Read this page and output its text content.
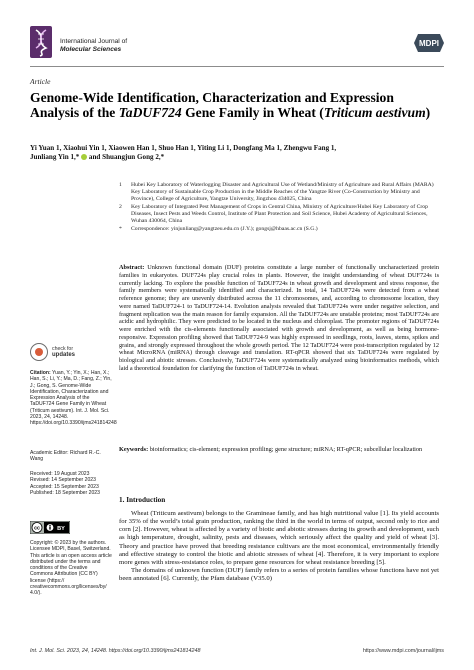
International Journal of
Molecular Sciences
MDPI
Article
Genome-Wide Identification, Characterization and Expression Analysis of the TaDUF724 Gene Family in Wheat (Triticum aestivum)
Yi Yuan 1, Xiaohui Yin 1, Xiaowen Han 1, Shuo Han 1, Yiting Li 1, Dongfang Ma 1, Zhengwu Fang 1,
Junliang Yin 1,*  and Shuangjun Gong 2,*
1 Hubei Key Laboratory of Waterlogging Disaster and Agricultural Use of Wetland/Ministry of Agriculture and Rural Affairs (MARA) Key Laboratory of Sustainable Crop Production in the Middle Reaches of the Yangtze River (Co-Construction by Ministry and Province), College of Agriculture, Yangtze University, Jingzhou 434025, China
2 Key Laboratory of Integrated Pest Management of Crops in Central China, Ministry of Agriculture/Hubei Key Laboratory of Crop Diseases, Insect Pests and Weeds Control, Institute of Plant Protection and Soil Science, Hubei Academy of Agricultural Sciences, Wuhan 430064, China
* Correspondence: yinjunliang@yangtzeu.edu.cn (J.Y.); gongsj@hbaas.ac.cn (S.G.)
Abstract: Unknown functional domain (DUF) proteins constitute a large number of functionally uncharacterized protein families in eukaryotes. DUF724s play crucial roles in plants. However, the insight understanding of wheat DUF724s is currently lacking. To explore the possible function of TaDUF724s in wheat growth and development and stress response, the family members were systematically identified and characterized. In total, 14 TaDUF724s were detected from a wheat reference genome; they are unevenly distributed across the 11 chromosomes, and, according to chromosome location, they were named TaDUF724-1 to TaDUF724-14. Evolution analysis revealed that TaDUF724s were under negative selection, and fragment replication was the main reason for family expansion. All the TaDUF724s are unstable proteins; most TaDUF724s are acidic and hydrophilic. They were predicted to be located in the nucleus and chloroplast. The promoter regions of TaDUF724s were enriched with the cis-elements functionally associated with growth and development, as well as being hormone-responsive. Expression profiling showed that TaDUF724-9 was highly expressed in seedlings, roots, leaves, stems, spikes and grains, and strongly expressed throughout the whole growth period. The 12 TaDUF724 were post-transcription regulated by 12 wheat MicroRNA (miRNA) through cleavage and translation. RT-qPCR showed that six TaDUF724s were regulated by biological and abiotic stresses. Conclusively, TaDUF724s were systematically analyzed using bioinformatics methods, which laid a theoretical foundation for clarifying the function of TaDUF724s in wheat.
Keywords: bioinformatics; cis-element; expression profiling; gene structure; miRNA; RT-qPCR; subcellular localization
1. Introduction

Wheat (Triticum aestivum) belongs to the Gramineae family, and has high nutritional value [1]. Its yield accounts for 35% of the world’s total grain production, ranking the third in the world in terms of output, second only to rice and corn [2]. However, wheat is affected by a variety of biotic and abiotic stresses during its growth and development, such as high temperature, drought, salinity, pests and diseases, which seriously affect the quality and yield of wheat [3]. Theory and practice have proved that breeding resistance cultivars are the most economical, environmentally friendly and effective strategy to control the biotic and abiotic stresses of wheat [4]. Therefore, it is very important to explore more genes with stress-resistance roles, to prepare gene resources for wheat resistance breeding [5].

The domains of unknown function (DUF) family refers to a series of protein families whose functions have not yet been annotated [6]. Currently, the Pfam database (V35.0)

check for
updates
Citation: Yuan, Y.; Yin, X.; Han, X.; Han, S.; Li, Y.; Ma, D.; Fang, Z.; Yin, J.; Gong, S. Genome-Wide Identification, Characterization and Expression Analysis of the TaDUF724 Gene Family in Wheat (Triticum aestivum). Int. J. Mol. Sci. 2023, 24, 14248. https://doi.org/10.3390/ijms241814248
Academic Editor: Richard R.-C. Wang
Received: 19 August 2023
Revised: 14 September 2023
Accepted: 15 September 2023
Published: 18 September 2023
cc	BY
Copyright: © 2023 by the authors. Licensee MDPI, Basel, Switzerland. This article is an open access article distributed under the terms and conditions of the Creative Commons Attribution (CC BY) license (https:// creativecommons.org/licenses/by/ 4.0/).
Int. J. Mol. Sci. 2023, 24, 14248. https://doi.org/10.3390/ijms241814248	https://www.mdpi.com/journal/ijms
